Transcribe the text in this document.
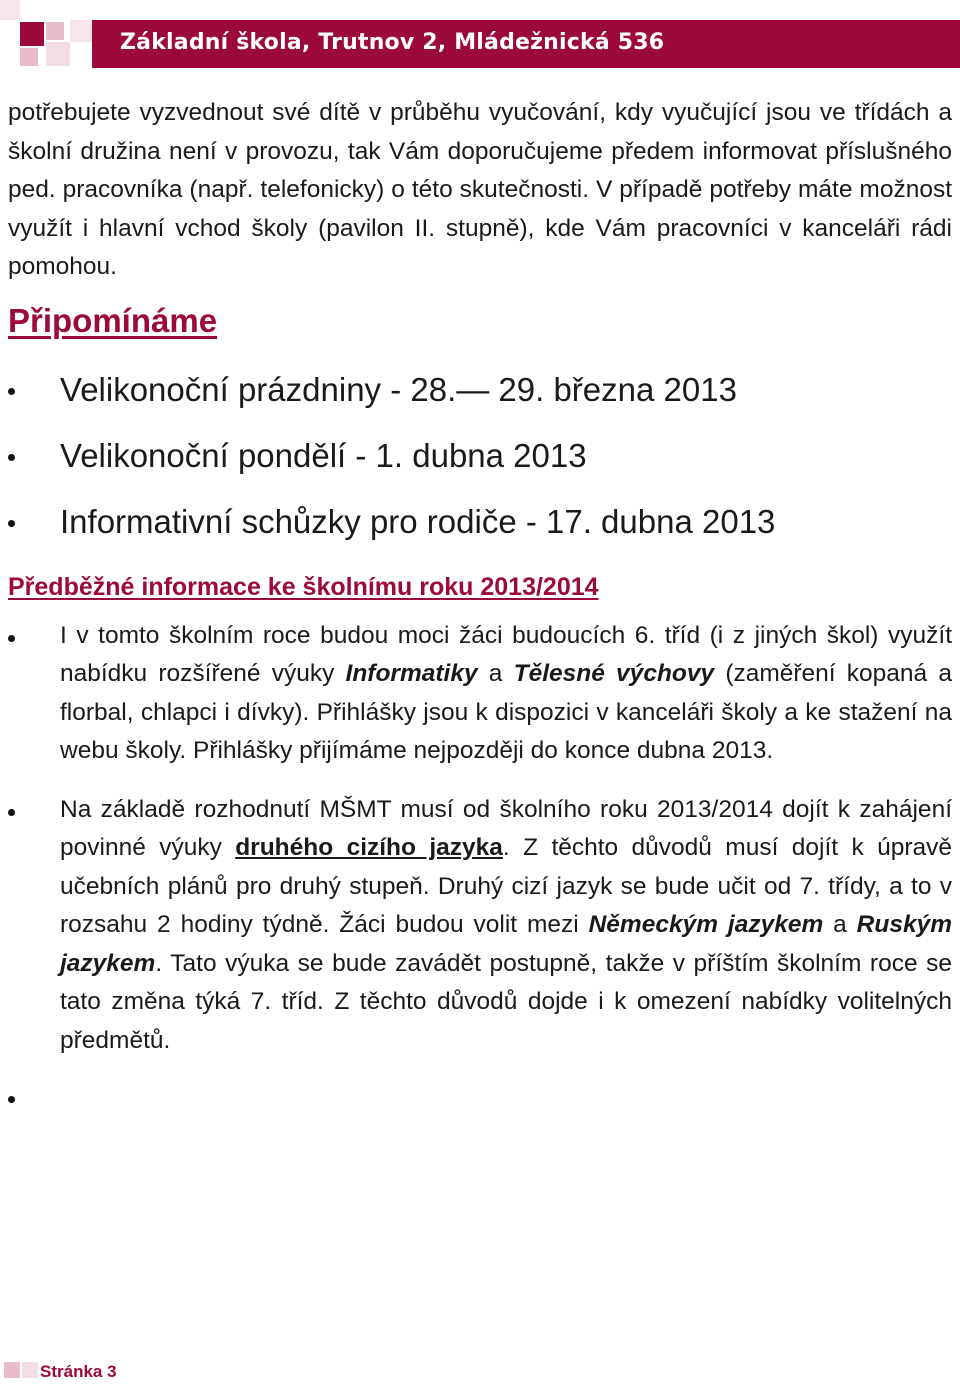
Základní škola, Trutnov 2, Mládežnická 536

potřebujete vyzvednout své dítě v průběhu vyučování, kdy vyučující jsou ve třídách a školní družina není v provozu, tak Vám doporučujeme předem informovat příslušného ped. pracovníka (např. telefonicky) o této skutečnosti. V případě potřeby máte možnost využít i hlavní vchod školy (pavilon II. stupně), kde Vám pracovníci v kanceláři rádi pomohou.

Připomínáme
Velikonoční prázdniny - 28.— 29. března 2013
Velikonoční pondělí - 1. dubna 2013
Informativní schůzky pro rodiče - 17. dubna 2013
Předběžné informace ke školnímu roku 2013/2014
I v tomto školním roce budou moci žáci budoucích 6. tříd (i z jiných škol) využít nabídku rozšířené výuky Informatiky a Tělesné výchovy (zaměření kopaná a florbal, chlapci i dívky). Přihlášky jsou k dispozici v kanceláři školy a ke stažení na webu školy. Přihlášky přijímáme nejpozději do konce dubna 2013.
Na základě rozhodnutí MŠMT musí od školního roku 2013/2014 dojít k zahájení povinné výuky druhého cizího jazyka. Z těchto důvodů musí dojít k úpravě učebních plánů pro druhý stupeň. Druhý cizí jazyk se bude učit od 7. třídy, a to v rozsahu 2 hodiny týdně. Žáci budou volit mezi Německým jazykem a Ruským jazykem. Tato výuka se bude zavádět postupně, takže v příštím školním roce se tato změna týká 7. tříd. Z těchto důvodů dojde i k omezení nabídky volitelných předmětů.
Stránka 3
